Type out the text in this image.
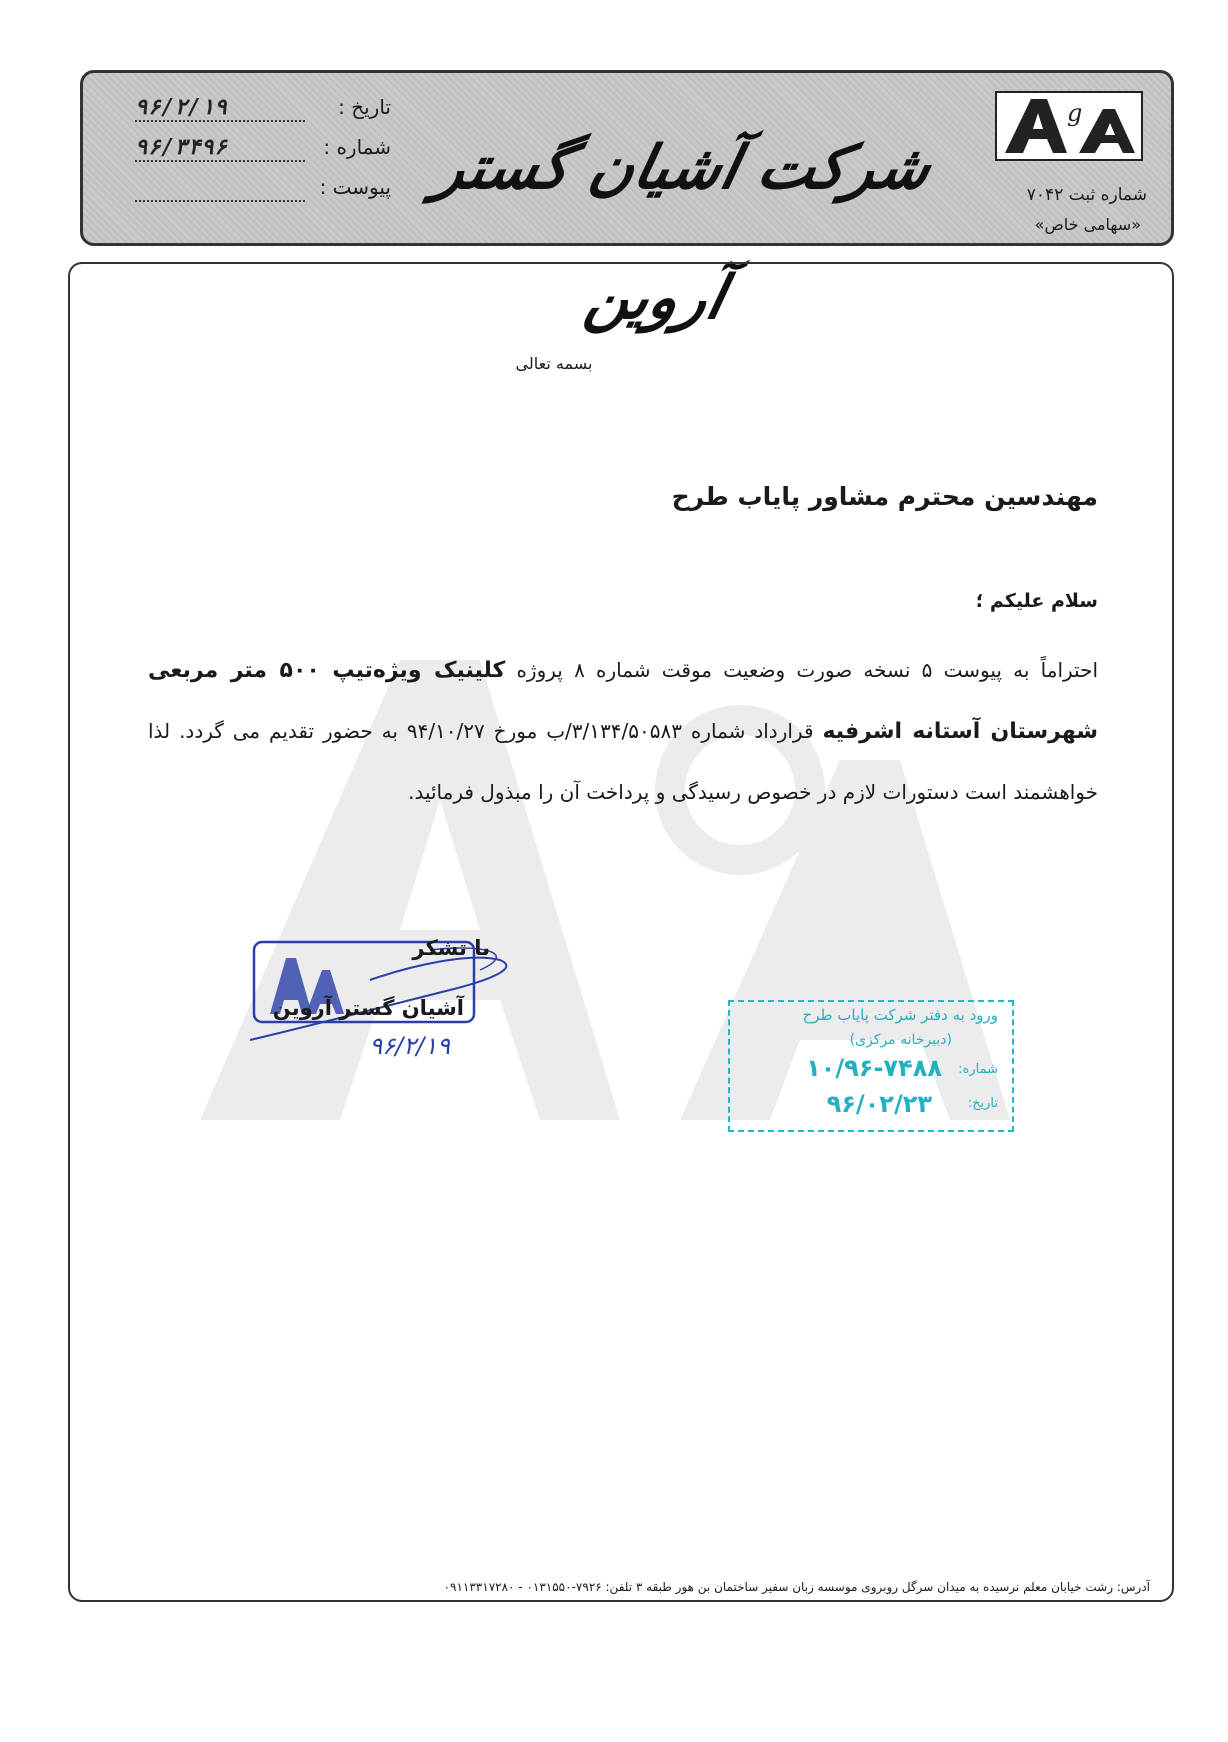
g
شماره ثبت ۷۰۴۲
«سهامی خاص»
شرکت آشیان گستر آروین
تاریخ : ۹۶/۲/۱۹
شماره : ۹۶/۳۴۹۶
پیوست :
بسمه تعالی
مهندسین محترم مشاور پایاب طرح
سلام علیکم ؛
احتراماً به پیوست ۵ نسخه صورت وضعیت موقت شماره ۸ پروژه کلینیک ویژه‌تیپ ۵۰۰ متر مربعی شهرستان آستانه اشرفیه قرارداد شماره ۳/۱۳۴/۵۰۵۸۳/ب مورخ ۹۴/۱۰/۲۷ به حضور تقدیم می گردد. لذا خواهشمند است دستورات لازم در خصوص رسیدگی و پرداخت آن را مبذول فرمائید.
با تشکر
آشیان گستر آروین
۹۶/۲/۱۹
ورود به دفتر شرکت پایاب طرح
(دبیرخانه مرکزی)
شماره:
۱۰/۹۶-۷۴۸۸
تاریخ:
۹۶/۰۲/۲۳
آدرس: رشت خیابان معلم نرسیده به میدان سرگل روبروی موسسه زبان سفیر ساختمان بن هور طبقه ۳ تلفن: ۷۹۲۶-۰۱۳۱۵۵۰ - ۰۹۱۱۳۳۱۷۲۸۰
